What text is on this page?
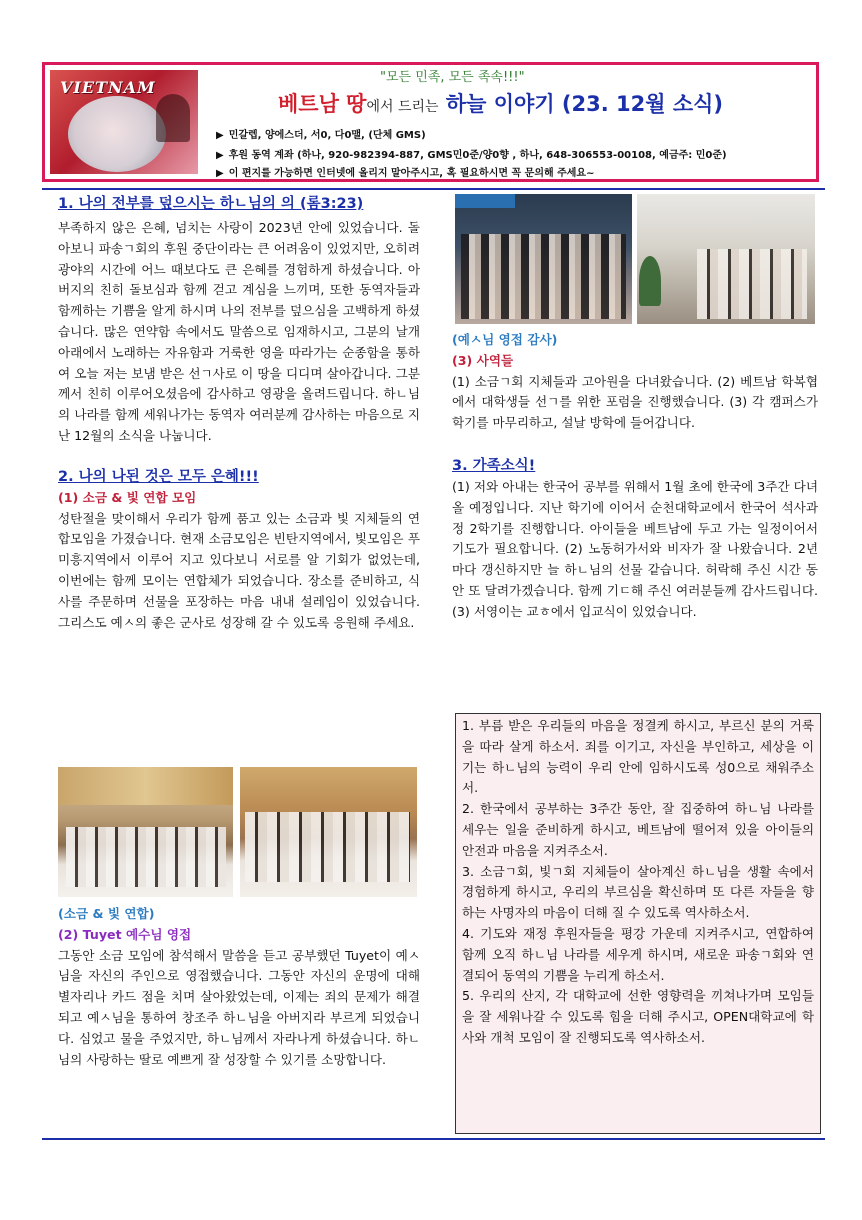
VIETNAM
"모든 민족, 모든 족속!!!"
베트남 땅에서 드리는 하늘 이야기 (23. 12월 소식)
▶ 민갈렙, 양에스더, 서0, 다0맬, (단체 GMS)
▶ 후원 동역 계좌 (하나, 920-982394-887, GMS민0준/양0향 , 하나, 648-306553-00108, 예금주: 민0준)
▶ 이 편지를 가능하면 인터넷에 올리지 말아주시고, 혹 필요하시면 꼭 문의해 주세요~

1. 나의 전부를 덮으시는 하ㄴ님의 의 (롬3:23)

부족하지 않은 은혜, 넘치는 사랑이 2023년 안에 있었습니다. 돌아보니 파송ㄱ회의 후원 중단이라는 큰 어려움이 있었지만, 오히려 광야의 시간에 어느 때보다도 큰 은혜를 경험하게 하셨습니다. 아버지의 친히 돌보심과 함께 걷고 계심을 느끼며, 또한 동역자들과 함께하는 기쁨을 알게 하시며 나의 전부를 덮으심을 고백하게 하셨습니다. 많은 연약함 속에서도 말씀으로 임재하시고, 그분의 날개 아래에서 노래하는 자유함과 거룩한 영을 따라가는 순종함을 통하여 오늘 저는 보냄 받은 선ㄱ사로 이 땅을 디디며 살아갑니다. 그분께서 친히 이루어오셨음에 감사하고 영광을 올려드립니다. 하ㄴ님의 나라를 함께 세워나가는 동역자 여러분께 감사하는 마음으로 지난 12월의 소식을 나눕니다.

2. 나의 나된 것은 모두 은혜!!!

(1) 소금 & 빛 연합 모임

성탄절을 맞이해서 우리가 함께 품고 있는 소금과 빛 지체들의 연합모임을 가졌습니다. 현재 소금모임은 빈탄지역에서, 빛모임은 푸미흥지역에서 이루어 지고 있다보니 서로를 알 기회가 없었는데, 이번에는 함께 모이는 연합체가 되었습니다. 장소를 준비하고, 식사를 주문하며 선물을 포장하는 마음 내내 설레임이 있었습니다. 그리스도 예ㅅ의 좋은 군사로 성장해 갈 수 있도록 응원해 주세요.

(소금 & 빛 연합)

(2) Tuyet 예수님 영접

그동안 소금 모임에 참석해서 말씀을 듣고 공부했던 Tuyet이 예ㅅ님을 자신의 주인으로 영접했습니다. 그동안 자신의 운명에 대해 별자리나 카드 점을 치며 살아왔었는데, 이제는 죄의 문제가 해결되고 예ㅅ님을 통하여 창조주 하ㄴ님을 아버지라 부르게 되었습니다. 심었고 물을 주었지만, 하ㄴ님께서 자라나게 하셨습니다. 하ㄴ님의 사랑하는 딸로 예쁘게 잘 성장할 수 있기를 소망합니다.

(예ㅅ님 영접 감사)

(3) 사역들

(1) 소금ㄱ회 지체들과 고아원을 다녀왔습니다. (2) 베트남 학복협에서 대학생들 선ㄱ를 위한 포럼을 진행했습니다. (3) 각 캠퍼스가 학기를 마무리하고, 설날 방학에 들어갑니다.

3. 가족소식!

(1) 저와 아내는 한국어 공부를 위해서 1월 초에 한국에 3주간 다녀올 예정입니다. 지난 학기에 이어서 순천대학교에서 한국어 석사과정 2학기를 진행합니다. 아이들을 베트남에 두고 가는 일정이어서 기도가 필요합니다. (2) 노동허가서와 비자가 잘 나왔습니다. 2년마다 갱신하지만 늘 하ㄴ님의 선물 같습니다. 허락해 주신 시간 동안 또 달려가겠습니다. 함께 기ㄷ해 주신 여러분들께 감사드립니다. (3) 서영이는 교ㅎ에서 입교식이 있었습니다.

1. 부름 받은 우리들의 마음을 정결케 하시고, 부르신 분의 거룩을 따라 살게 하소서. 죄를 이기고, 자신을 부인하고, 세상을 이기는 하ㄴ님의 능력이 우리 안에 임하시도록 성0으로 채워주소서.

2. 한국에서 공부하는 3주간 동안, 잘 집중하여 하ㄴ님 나라를 세우는 일을 준비하게 하시고, 베트남에 떨어져 있을 아이들의 안전과 마음을 지켜주소서.

3. 소금ㄱ회, 빛ㄱ회 지체들이 살아계신 하ㄴ님을 생활 속에서 경험하게 하시고, 우리의 부르심을 확신하며 또 다른 자들을 향하는 사명자의 마음이 더해 질 수 있도록 역사하소서.

4. 기도와 재정 후원자들을 평강 가운데 지켜주시고, 연합하여 함께 오직 하ㄴ님 나라를 세우게 하시며, 새로운 파송ㄱ회와 연결되어 동역의 기쁨을 누리게 하소서.

5. 우리의 산지, 각 대학교에 선한 영향력을 끼쳐나가며 모임들을 잘 세워나갈 수 있도록 힘을 더해 주시고, OPEN대학교에 학사와 개척 모임이 잘 진행되도록 역사하소서.
